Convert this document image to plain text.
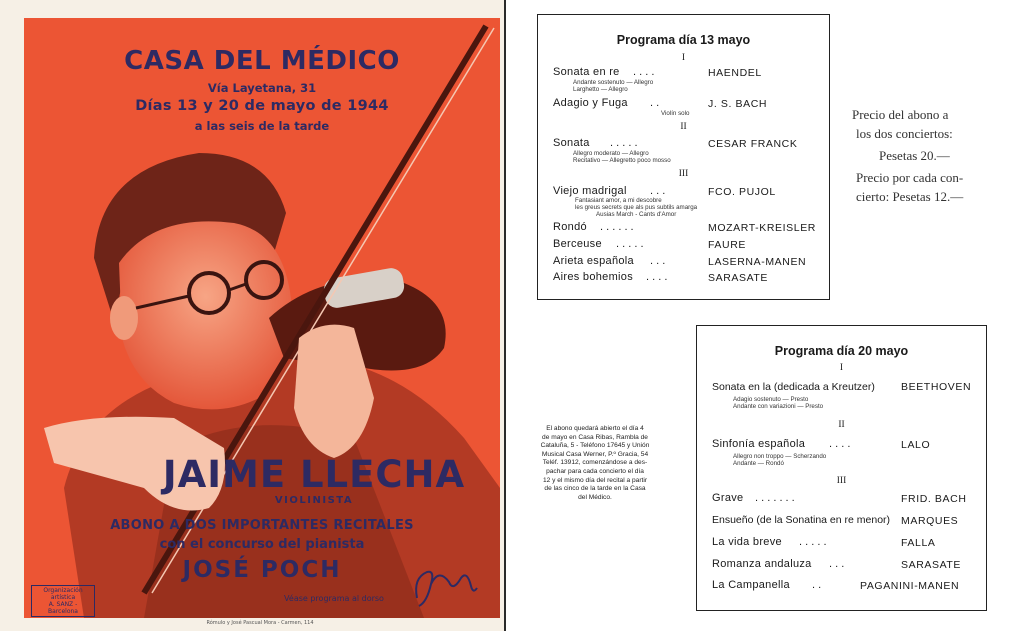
CASA DEL MÉDICO
Vía Layetana, 31
Días 13 y 20 de mayo de 1944
a las seis de la tarde
JAIME LLECHA
VIOLINISTA
ABONO A DOS IMPORTANTES RECITALES
con el concurso del pianista
JOSÉ POCH
Organización artística
A. SANZ - Barcelona
Véase programa al dorso
Rómulo y José Pascual Mora - Carmen, 114
Programa día 13 mayo
I
Sonata en re . . . .	HAENDEL
Andante sostenuto — Allegro
Larghetto — Allegro
Adagio y Fuga . .	J. S. BACH
Violín solo
II
Sonata . . . . .	CESAR FRANCK
Allegro moderato — Allegro
Recitativo — Allegretto poco mosso
III
Viejo madrigal . . .	FCO. PUJOL
Fantasiant amor, a mi descobre
les greus secrets que als pus subtils amarga
Ausias March - Cants d'Amor
Rondó . . . . . .	MOZART-KREISLER
Berceuse . . . . .	FAURE
Arieta española . . .	LASERNA-MANEN
Aires bohemios . . . .	SARASATE
Precio del abono a
los dos conciertos:
Pesetas 20.—
Precio por cada con-
cierto: Pesetas 12.—
El abono quedará abierto el día 4
de mayo en Casa Ribas, Rambla de
Cataluña, 5 - Teléfono 17645 y Unión
Musical Casa Werner, P.º Gracia, 54
Teléf. 13912, comenzándose a des-
pachar para cada concierto el día
12 y el mismo día del recital a partir
de las cinco de la tarde en la Casa
del Médico.
Programa día 20 mayo
I
Sonata en la (dedicada a Kreutzer) BEETHOVEN
Adagio sostenuto — Presto
Andante con variazioni — Presto
II
Sinfonía española . . . .	LALO
Allegro non troppo — Scherzando
Andante — Rondó
III
Grave . . . . . . .	FRID. BACH
Ensueño (de la Sonatina en re menor) MARQUES
La vida breve . . . . .	FALLA
Romanza andaluza . . .	SARASATE
La Campanella . .	PAGANINI-MANEN
